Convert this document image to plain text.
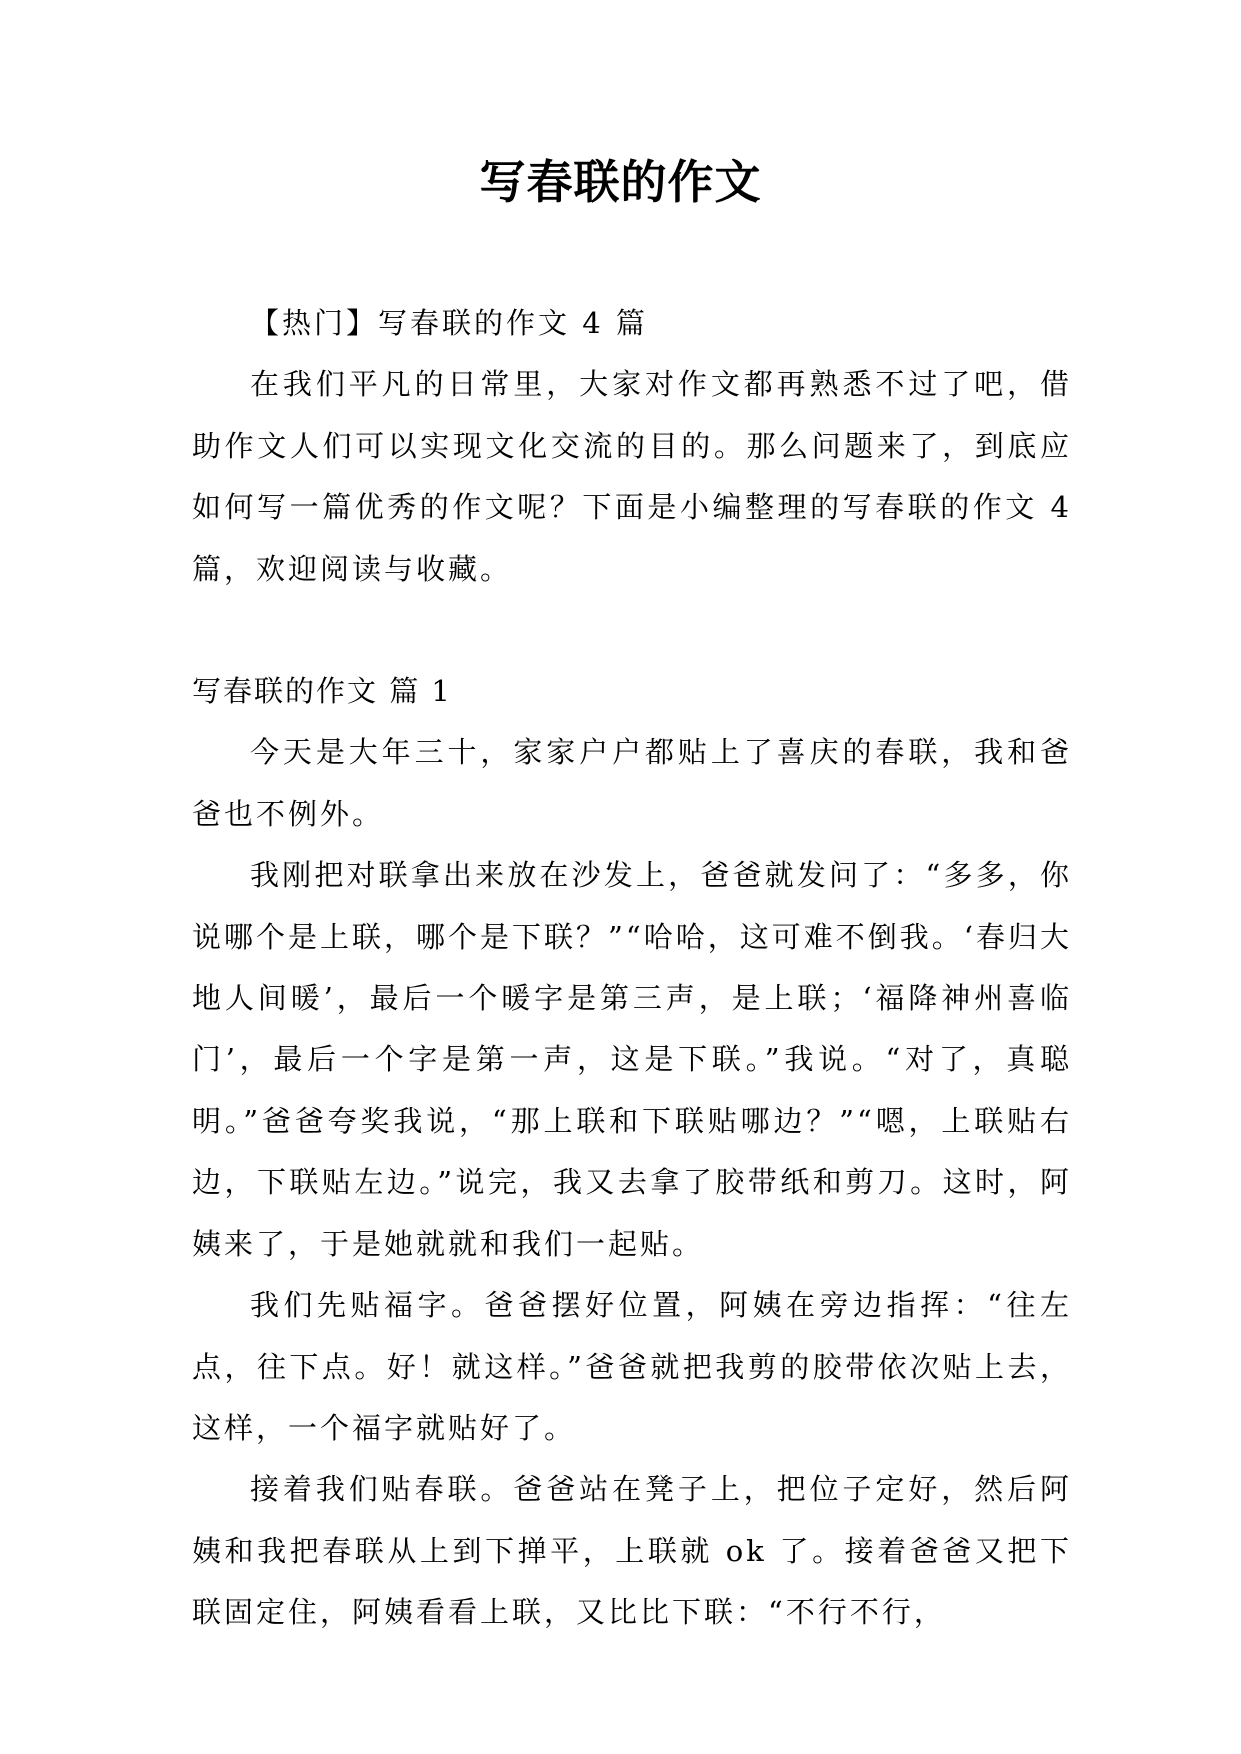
写春联的作文

【热门】写春联的作文 4 篇

在我们平凡的日常里，大家对作文都再熟悉不过了吧，借助作文人们可以实现文化交流的目的。那么问题来了，到底应如何写一篇优秀的作文呢？下面是小编整理的写春联的作文 4 篇，欢迎阅读与收藏。

写春联的作文 篇 1

今天是大年三十，家家户户都贴上了喜庆的春联，我和爸爸也不例外。

我刚把对联拿出来放在沙发上，爸爸就发问了：“多多，你说哪个是上联，哪个是下联？”“哈哈，这可难不倒我。‘春归大地人间暖’，最后一个暖字是第三声，是上联；‘福降神州喜临门’，最后一个字是第一声，这是下联。”我说。“对了，真聪明。”爸爸夸奖我说，“那上联和下联贴哪边？”“嗯，上联贴右边，下联贴左边。”说完，我又去拿了胶带纸和剪刀。这时，阿姨来了，于是她就就和我们一起贴。

我们先贴福字。爸爸摆好位置，阿姨在旁边指挥：“往左点，往下点。好！就这样。”爸爸就把我剪的胶带依次贴上去，这样，一个福字就贴好了。

接着我们贴春联。爸爸站在凳子上，把位子定好，然后阿姨和我把春联从上到下掸平，上联就 ok 了。接着爸爸又把下联固定住，阿姨看看上联，又比比下联：“不行不行，
